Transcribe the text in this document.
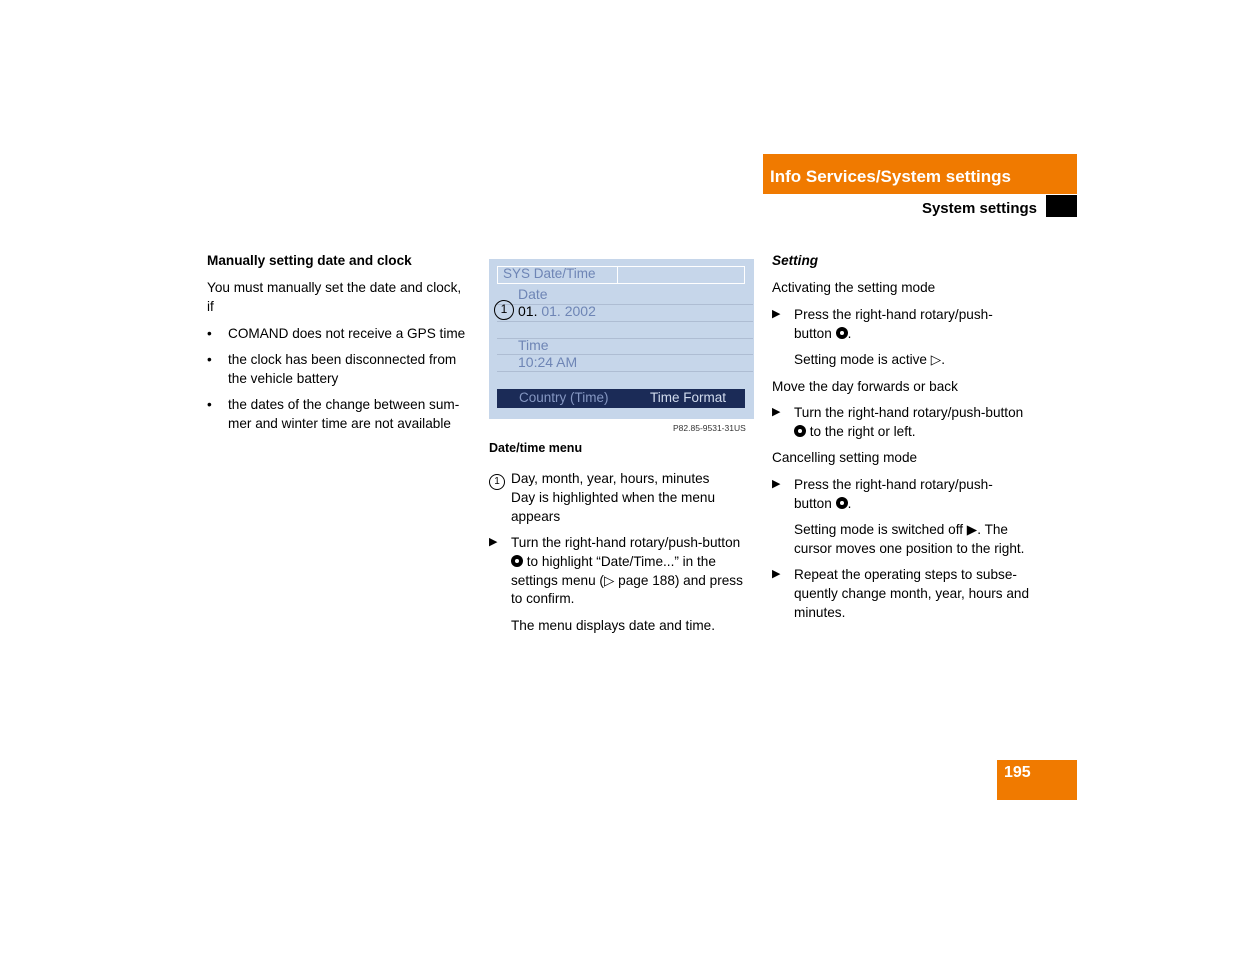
Info Services/System settings
System settings
Manually setting date and clock
You must manually set the date and clock,
if
• COMAND does not receive a GPS time
• the clock has been disconnected from
the vehicle battery
• the dates of the change between sum-
mer and winter time are not available
SYS Date/Time
Date
1 01. 01. 2002
Time
10:24 AM
Country (Time)	Time Format
P82.85-9531-31US
Date/time menu
1 Day, month, year, hours, minutes
Day is highlighted when the menu
appears
▶ Turn the right-hand rotary/push-button
to highlight “Date/Time...” in the
settings menu (▷ page 188) and press
to confirm.
The menu displays date and time.
Setting
Activating the setting mode
▶ Press the right-hand rotary/push-
button .
Setting mode is active ▷.
Move the day forwards or back
▶ Turn the right-hand rotary/push-button
to the right or left.
Cancelling setting mode
▶ Press the right-hand rotary/push-
button .
Setting mode is switched off ▶. The
cursor moves one position to the right.
▶ Repeat the operating steps to subse-
quently change month, year, hours and
minutes.
195
